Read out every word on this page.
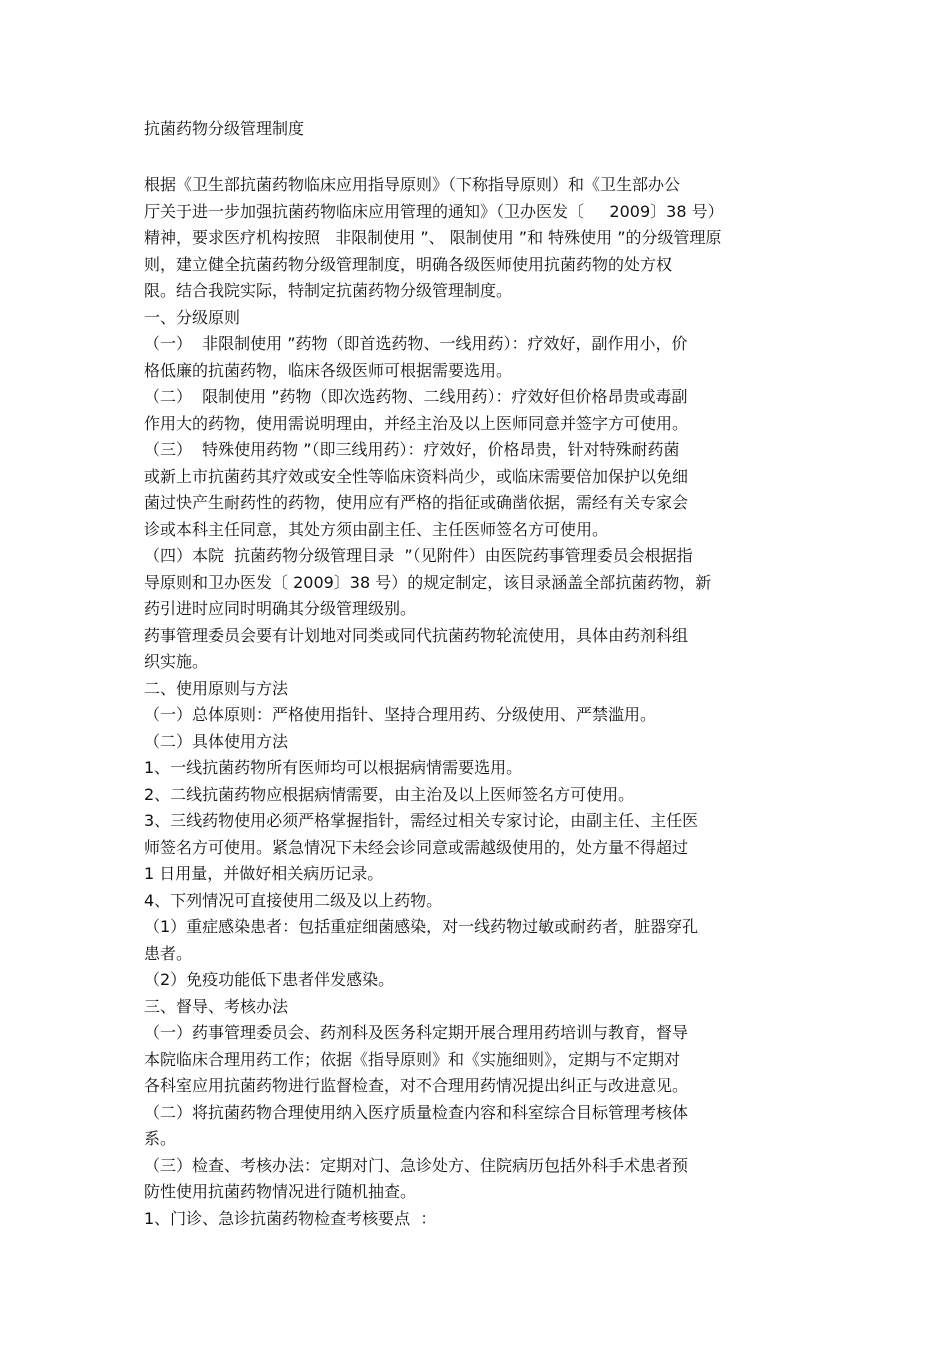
抗菌药物分级管理制度
根据《卫生部抗菌药物临床应用指导原则》（下称指导原则）和《卫生部办公
厅关于进一步加强抗菌药物临床应用管理的通知》（卫办医发〔     2009〕38 号）
精神，要求医疗机构按照   非限制使用 ”、 限制使用 ”和 特殊使用 ”的分级管理原
则，建立健全抗菌药物分级管理制度，明确各级医师使用抗菌药物的处方权
限。结合我院实际，特制定抗菌药物分级管理制度。
一、分级原则
（一）  非限制使用 ”药物（即首选药物、一线用药）：疗效好，副作用小，价
格低廉的抗菌药物，临床各级医师可根据需要选用。
（二）  限制使用 ”药物（即次选药物、二线用药）：疗效好但价格昂贵或毒副
作用大的药物，使用需说明理由，并经主治及以上医师同意并签字方可使用。
（三）  特殊使用药物 ”（即三线用药）：疗效好，价格昂贵，针对特殊耐药菌
或新上市抗菌药其疗效或安全性等临床资料尚少，或临床需要倍加保护以免细
菌过快产生耐药性的药物，使用应有严格的指征或确凿依据，需经有关专家会
诊或本科主任同意，其处方须由副主任、主任医师签名方可使用。
（四）本院  抗菌药物分级管理目录  ”（见附件）由医院药事管理委员会根据指
导原则和卫办医发〔 2009〕38 号）的规定制定，该目录涵盖全部抗菌药物，新
药引进时应同时明确其分级管理级别。
药事管理委员会要有计划地对同类或同代抗菌药物轮流使用，具体由药剂科组
织实施。
二、使用原则与方法
（一）总体原则：严格使用指针、坚持合理用药、分级使用、严禁滥用。
（二）具体使用方法
1、一线抗菌药物所有医师均可以根据病情需要选用。
2、二线抗菌药物应根据病情需要，由主治及以上医师签名方可使用。
3、三线药物使用必须严格掌握指针，需经过相关专家讨论，由副主任、主任医
师签名方可使用。紧急情况下未经会诊同意或需越级使用的，处方量不得超过
1 日用量，并做好相关病历记录。
4、下列情况可直接使用二级及以上药物。
（1）重症感染患者：包括重症细菌感染，对一线药物过敏或耐药者，脏器穿孔
患者。
（2）免疫功能低下患者伴发感染。
三、督导、考核办法
（一）药事管理委员会、药剂科及医务科定期开展合理用药培训与教育，督导
本院临床合理用药工作；依据《指导原则》和《实施细则》，定期与不定期对
各科室应用抗菌药物进行监督检查，对不合理用药情况提出纠正与改进意见。
（二）将抗菌药物合理使用纳入医疗质量检查内容和科室综合目标管理考核体
系。
（三）检查、考核办法：定期对门、急诊处方、住院病历包括外科手术患者预
防性使用抗菌药物情况进行随机抽查。
1、门诊、急诊抗菌药物检查考核要点  ：
